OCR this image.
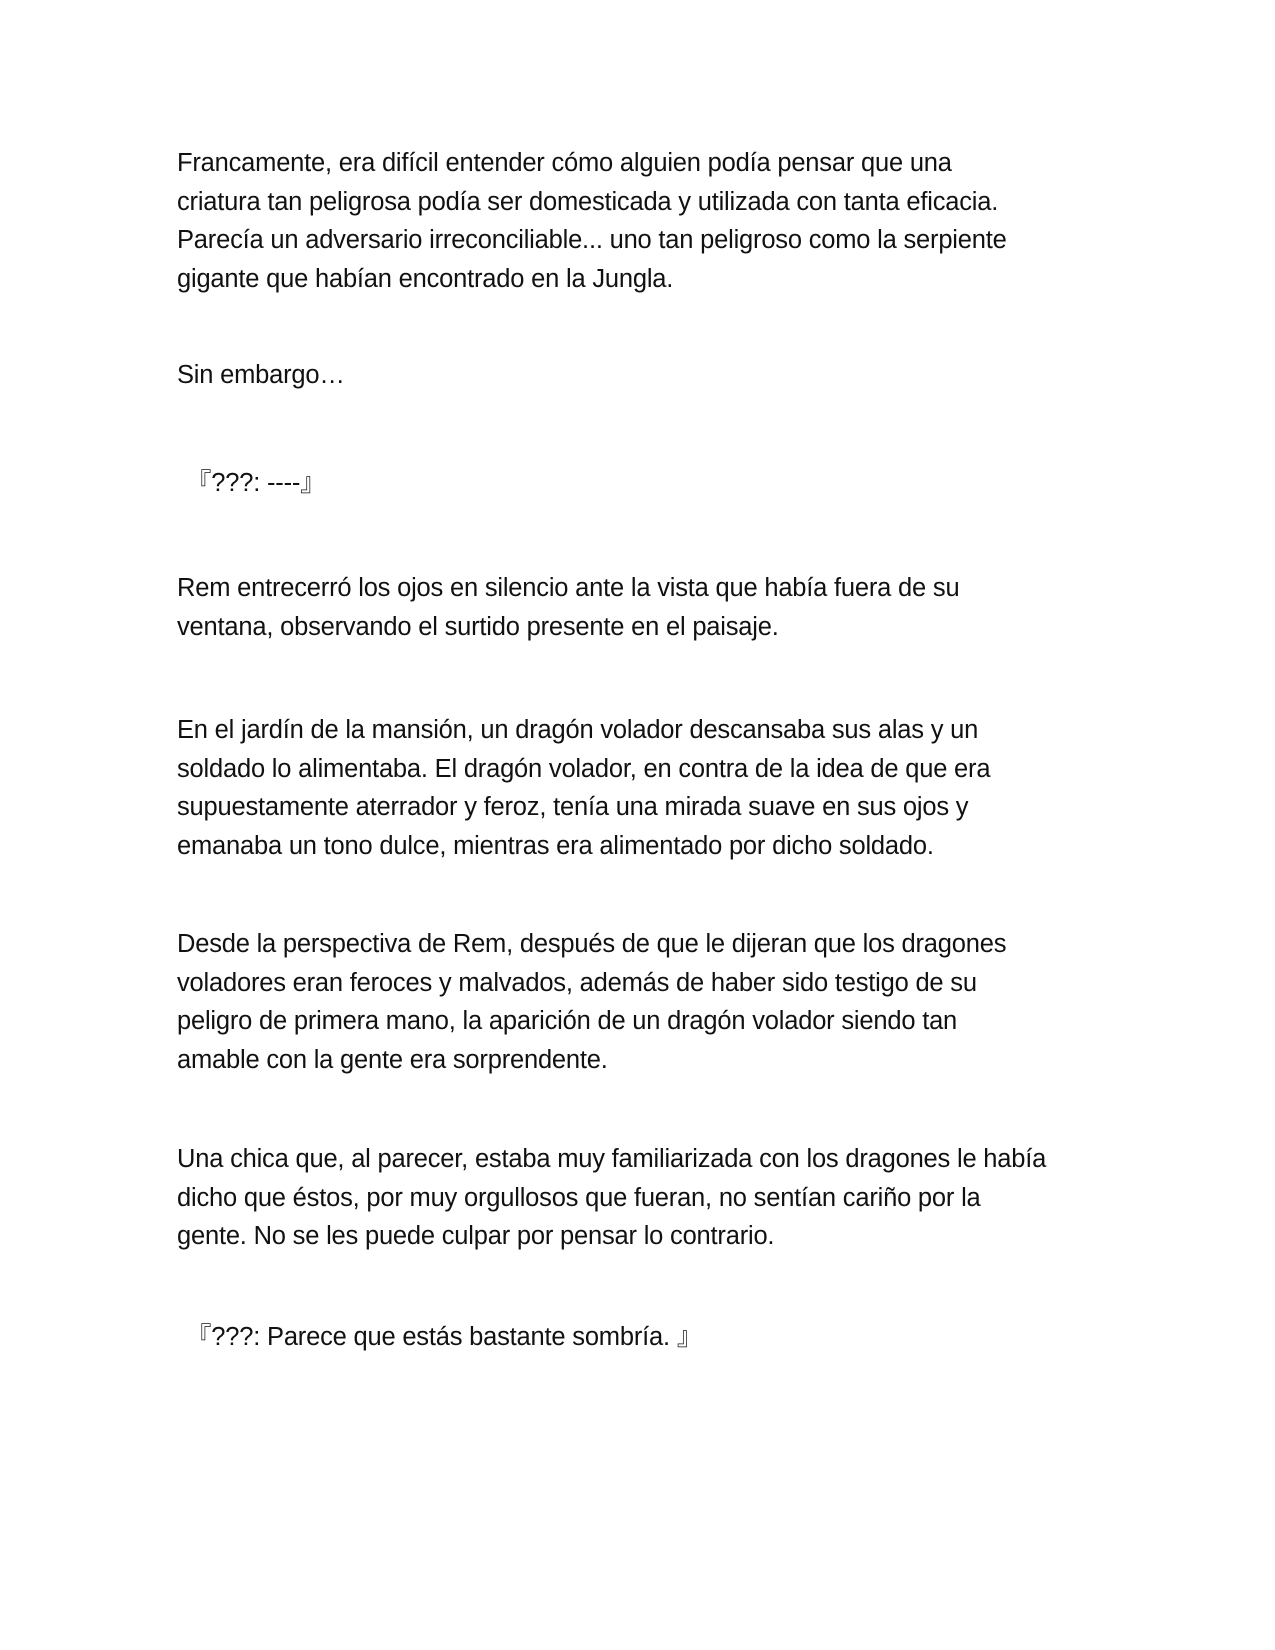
Francamente, era difícil entender cómo alguien podía pensar que una
criatura tan peligrosa podía ser domesticada y utilizada con tanta eficacia.
Parecía un adversario irreconciliable... uno tan peligroso como la serpiente
gigante que habían encontrado en la Jungla.

Sin embargo…

『???: ----』

Rem entrecerró los ojos en silencio ante la vista que había fuera de su
ventana, observando el surtido presente en el paisaje.

En el jardín de la mansión, un dragón volador descansaba sus alas y un
soldado lo alimentaba. El dragón volador, en contra de la idea de que era
supuestamente aterrador y feroz, tenía una mirada suave en sus ojos y
emanaba un tono dulce, mientras era alimentado por dicho soldado.

Desde la perspectiva de Rem, después de que le dijeran que los dragones
voladores eran feroces y malvados, además de haber sido testigo de su
peligro de primera mano, la aparición de un dragón volador siendo tan
amable con la gente era sorprendente.

Una chica que, al parecer, estaba muy familiarizada con los dragones le había
dicho que éstos, por muy orgullosos que fueran, no sentían cariño por la
gente. No se les puede culpar por pensar lo contrario.

『???: Parece que estás bastante sombría. 』
